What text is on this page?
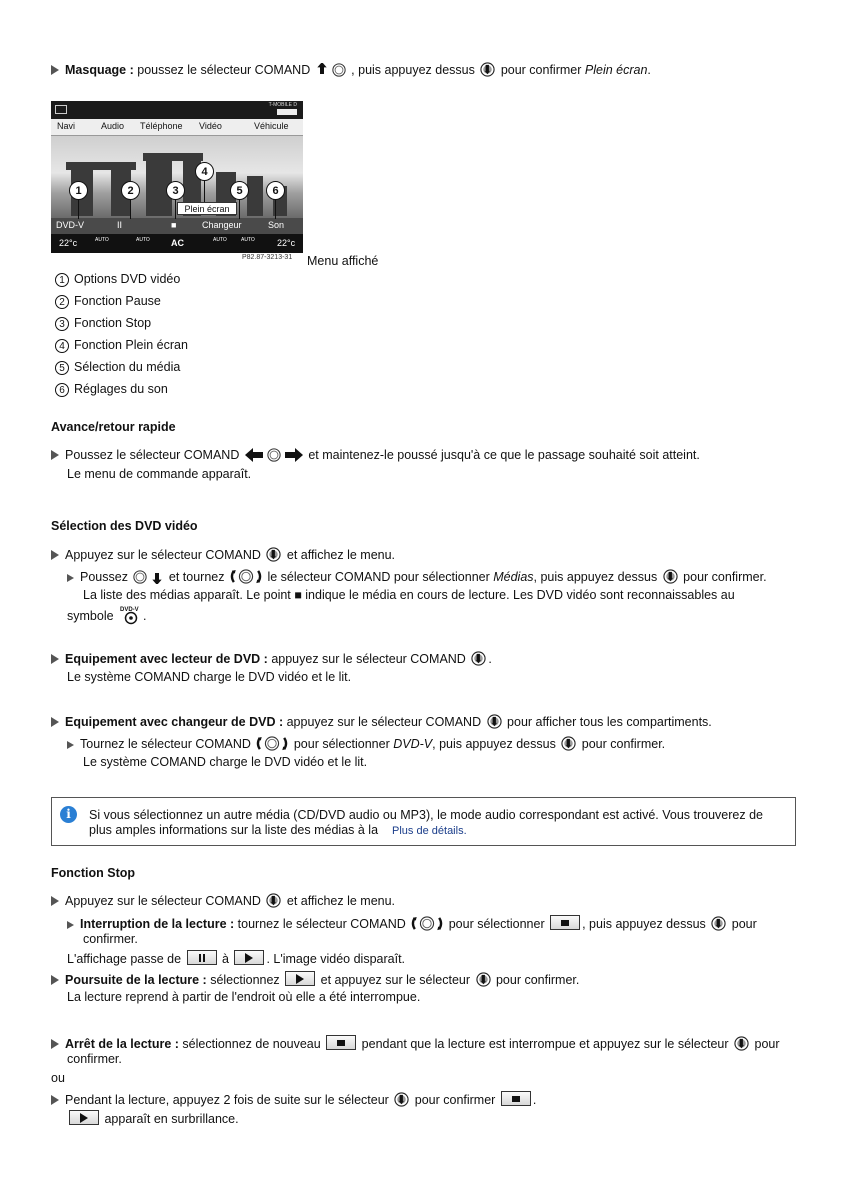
Masquage : poussez le sélecteur COMAND	, puis appuyez dessus  pour confirmer Plein écran.
T-MOBILE D
Navi	Audio Téléphone Vidéo	Véhicule
Plein écran
DVD-V	II	■	Changeur	Son
22°c	AUTO	AUTO AC	AUTO	AUTO 22°c
1	2	3
4
5	6
P82.87-3213-31 Menu affiché
1 Options DVD vidéo
2 Fonction Pause
3 Fonction Stop
4 Fonction Plein écran
5 Sélection du média
6 Réglages du son
Avance/retour rapide
Poussez le sélecteur COMAND	et maintenez-le poussé jusqu'à ce que le passage souhaité soit atteint.
Le menu de commande apparaît.
Sélection des DVD vidéo
Appuyez sur le sélecteur COMAND  et affichez le menu.
Poussez	et tournez	le sélecteur COMAND pour sélectionner Médias, puis appuyez dessus  pour confirmer.
La liste des médias apparaît. Le point ■ indique le média en cours de lecture. Les DVD vidéo sont reconnaissables au
symbole .
Equipement avec lecteur de DVD : appuyez sur le sélecteur COMAND .
Le système COMAND charge le DVD vidéo et le lit.
Equipement avec changeur de DVD : appuyez sur le sélecteur COMAND  pour afficher tous les compartiments.
Tournez le sélecteur COMAND	pour sélectionner DVD-V, puis appuyez dessus  pour confirmer.
Le système COMAND charge le DVD vidéo et le lit.
i	Si vous sélectionnez un autre média (CD/DVD audio ou MP3), le mode audio correspondant est activé. Vous trouverez de
plus amples informations sur la liste des médias à la Plus de détails.
Fonction Stop
Appuyez sur le sélecteur COMAND  et affichez le menu.
Interruption de la lecture : tournez le sélecteur COMAND	pour sélectionner	, puis appuyez dessus  pour
confirmer.
L'affichage passe de	à	. L'image vidéo disparaît.
Poursuite de la lecture : sélectionnez	et appuyez sur le sélecteur  pour confirmer.
La lecture reprend à partir de l'endroit où elle a été interrompue.
Arrêt de la lecture : sélectionnez de nouveau	pendant que la lecture est interrompue et appuyez sur le sélecteur  pour
confirmer.
ou
Pendant la lecture, appuyez 2 fois de suite sur le sélecteur  pour confirmer	.
apparaît en surbrillance.
